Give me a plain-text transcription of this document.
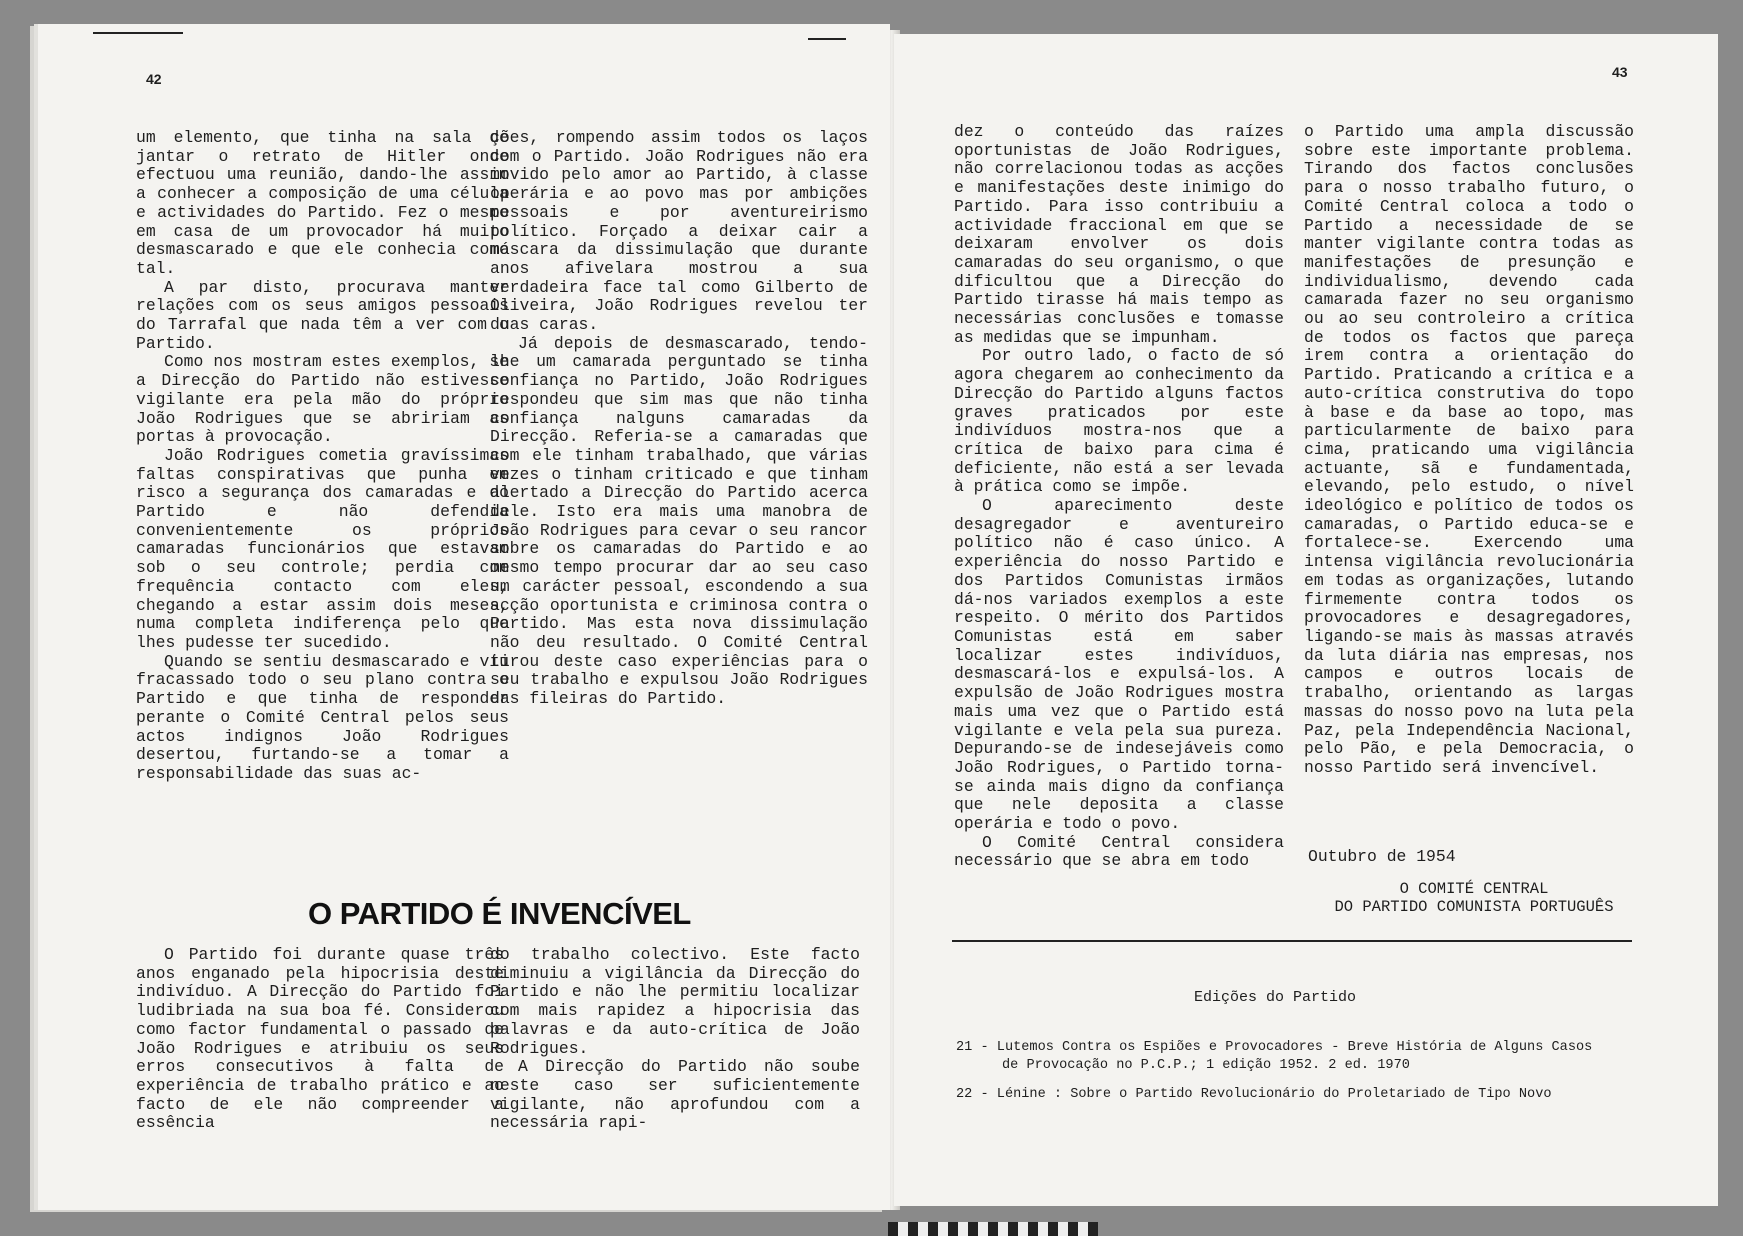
42

um elemento, que tinha na sala de jantar o retrato de Hitler onde efectuou uma reunião, dando-lhe assim a conhecer a composição de uma célula e actividades do Partido. Fez o mesmo em casa de um provocador há muito desmascarado e que ele conhecia como tal.

A par disto, procurava manter relações com os seus amigos pessoais do Tarrafal que nada têm a ver com o Partido.

Como nos mostram estes exemplos, se a Direcção do Partido não estivesse vigilante era pela mão do próprio João Rodrigues que se abririam as portas à provocação.

João Rodrigues cometia gravíssimas faltas conspirativas que punha em risco a segurança dos camaradas e do Partido e não defendia convenientemente os próprios camaradas funcionários que estavam sob o seu controle; perdia com frequência contacto com eles, chegando a estar assim dois meses, numa completa indiferença pelo que lhes pudesse ter sucedido.

Quando se sentiu desmascarado e viu fracassado todo o seu plano contra o Partido e que tinha de responder perante o Comité Central pelos seus actos indignos João Rodrigues desertou, furtando-se a tomar a responsabilidade das suas ac-

ções, rompendo assim todos os laços com o Partido. João Rodrigues não era movido pelo amor ao Partido, à classe operária e ao povo mas por ambições pessoais e por aventureirismo político. Forçado a deixar cair a máscara da dissimulação que durante anos afivelara mostrou a sua verdadeira face tal como Gilberto de Oliveira, João Rodrigues revelou ter duas caras.

Já depois de desmascarado, tendo-lhe um camarada perguntado se tinha confiança no Partido, João Rodrigues respondeu que sim mas que não tinha confiança nalguns camaradas da Direcção. Referia-se a camaradas que com ele tinham trabalhado, que várias vezes o tinham criticado e que tinham alertado a Direcção do Partido acerca dele. Isto era mais uma manobra de João Rodrigues para cevar o seu rancor sobre os camaradas do Partido e ao mesmo tempo procurar dar ao seu caso um carácter pessoal, escondendo a sua acção oportunista e criminosa contra o Partido. Mas esta nova dissimulação não deu resultado. O Comité Central tirou deste caso experiências para o seu trabalho e expulsou João Rodrigues das fileiras do Partido.

O PARTIDO É INVENCÍVEL

O Partido foi durante quase três anos enganado pela hipocrisia deste indivíduo. A Direcção do Partido foi ludibriada na sua boa fé. Considerou como factor fundamental o passado de João Rodrigues e atribuiu os seus erros consecutivos à falta de experiência de trabalho prático e ao facto de ele não compreender a essência

do trabalho colectivo. Este facto diminuiu a vigilância da Direcção do Partido e não lhe permitiu localizar com mais rapidez a hipocrisia das palavras e da auto-crítica de João Rodrigues.

A Direcção do Partido não soube neste caso ser suficientemente vigilante, não aprofundou com a necessária rapi-

43

dez o conteúdo das raízes oportunistas de João Rodrigues, não correlacionou todas as acções e manifestações deste inimigo do Partido. Para isso contribuiu a actividade fraccional em que se deixaram envolver os dois camaradas do seu organismo, o que dificultou que a Direcção do Partido tirasse há mais tempo as necessárias conclusões e tomasse as medidas que se impunham.

Por outro lado, o facto de só agora chegarem ao conhecimento da Direcção do Partido alguns factos graves praticados por este indivíduos mostra-nos que a crítica de baixo para cima é deficiente, não está a ser levada à prática como se impõe.

O aparecimento deste desagregador e aventureiro político não é caso único. A experiência do nosso Partido e dos Partidos Comunistas irmãos dá-nos variados exemplos a este respeito. O mérito dos Partidos Comunistas está em saber localizar estes indivíduos, desmascará-los e expulsá-los. A expulsão de João Rodrigues mostra mais uma vez que o Partido está vigilante e vela pela sua pureza. Depurando-se de indesejáveis como João Rodrigues, o Partido torna-se ainda mais digno da confiança que nele deposita a classe operária e todo o povo.

O Comité Central considera necessário que se abra em todo

o Partido uma ampla discussão sobre este importante problema. Tirando dos factos conclusões para o nosso trabalho futuro, o Comité Central coloca a todo o Partido a necessidade de se manter vigilante contra todas as manifestações de presunção e individualismo, devendo cada camarada fazer no seu organismo ou ao seu controleiro a crítica de todos os factos que pareça irem contra a orientação do Partido. Praticando a crítica e a auto-crítica construtiva do topo à base e da base ao topo, mas particularmente de baixo para cima, praticando uma vigilância actuante, sã e fundamentada, elevando, pelo estudo, o nível ideológico e político de todos os camaradas, o Partido educa-se e fortalece-se. Exercendo uma intensa vigilância revolucionária em todas as organizações, lutando firmemente contra todos os provocadores e desagregadores, ligando-se mais às massas através da luta diária nas empresas, nos campos e outros locais de trabalho, orientando as largas massas do nosso povo na luta pela Paz, pela Independência Nacional, pelo Pão, e pela Democracia, o nosso Partido será invencível.

Outubro de 1954

O COMITÉ CENTRAL
DO PARTIDO COMUNISTA PORTUGUÊS
Edições do Partido
21 - Lutemos Contra os Espiões e Provocadores - Breve História de Alguns Casos
de Provocação no P.C.P.; 1 edição 1952. 2 ed. 1970
22 - Lénine : Sobre o Partido Revolucionário do Proletariado de Tipo Novo
